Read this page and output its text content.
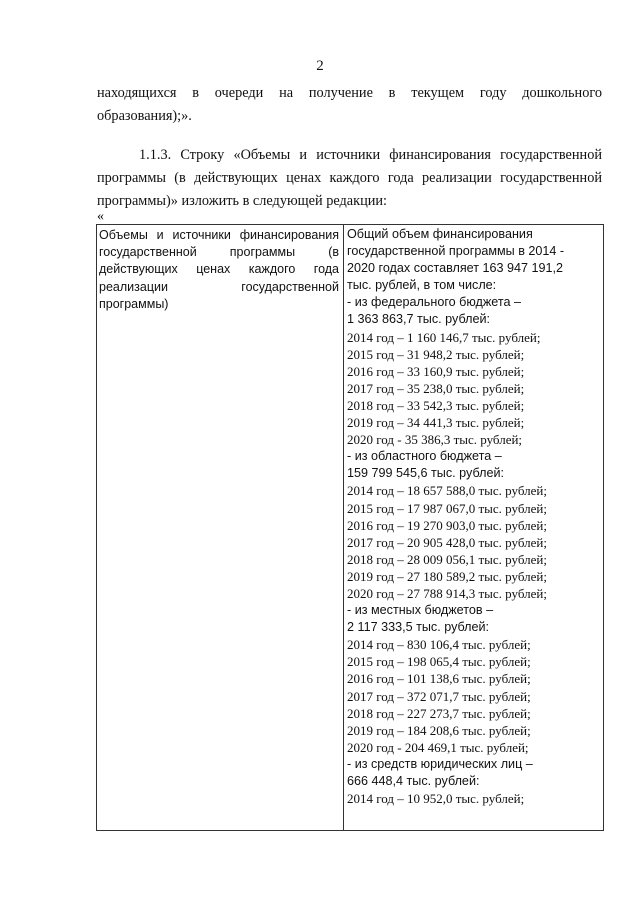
2
находящихся в очереди на получение в текущем году дошкольного
образования);».
1.1.3. Строку «Объемы и источники финансирования государственной
программы (в действующих ценах каждого года реализации государственной
программы)» изложить в следующей редакции:
«
Объемы и источники финансирования государственной программы (в действующих ценах каждого года реализации государственной программы)

Общий объем финансирования
государственной программы в 2014 -
2020 годах составляет 163 947 191,2
тыс. рублей, в том числе:
- из федерального бюджета –
1 363 863,7 тыс. рублей:
2014 год – 1 160 146,7 тыс. рублей;
2015 год – 31 948,2 тыс. рублей;
2016 год – 33 160,9 тыс. рублей;
2017 год – 35 238,0 тыс. рублей;
2018 год – 33 542,3 тыс. рублей;
2019 год – 34 441,3 тыс. рублей;
2020 год - 35 386,3 тыс. рублей;
- из областного бюджета –
159 799 545,6 тыс. рублей:
2014 год – 18 657 588,0 тыс. рублей;
2015 год – 17 987 067,0 тыс. рублей;
2016 год – 19 270 903,0 тыс. рублей;
2017 год – 20 905 428,0 тыс. рублей;
2018 год – 28 009 056,1 тыс. рублей;
2019 год – 27 180 589,2 тыс. рублей;
2020 год – 27 788 914,3 тыс. рублей;
- из местных бюджетов –
2 117 333,5 тыс. рублей:
2014 год – 830 106,4 тыс. рублей;
2015 год – 198 065,4 тыс. рублей;
2016 год – 101 138,6 тыс. рублей;
2017 год – 372 071,7 тыс. рублей;
2018 год – 227 273,7 тыс. рублей;
2019 год – 184 208,6 тыс. рублей;
2020 год - 204 469,1 тыс. рублей;
- из средств юридических лиц –
666 448,4 тыс. рублей:
2014 год – 10 952,0 тыс. рублей;
